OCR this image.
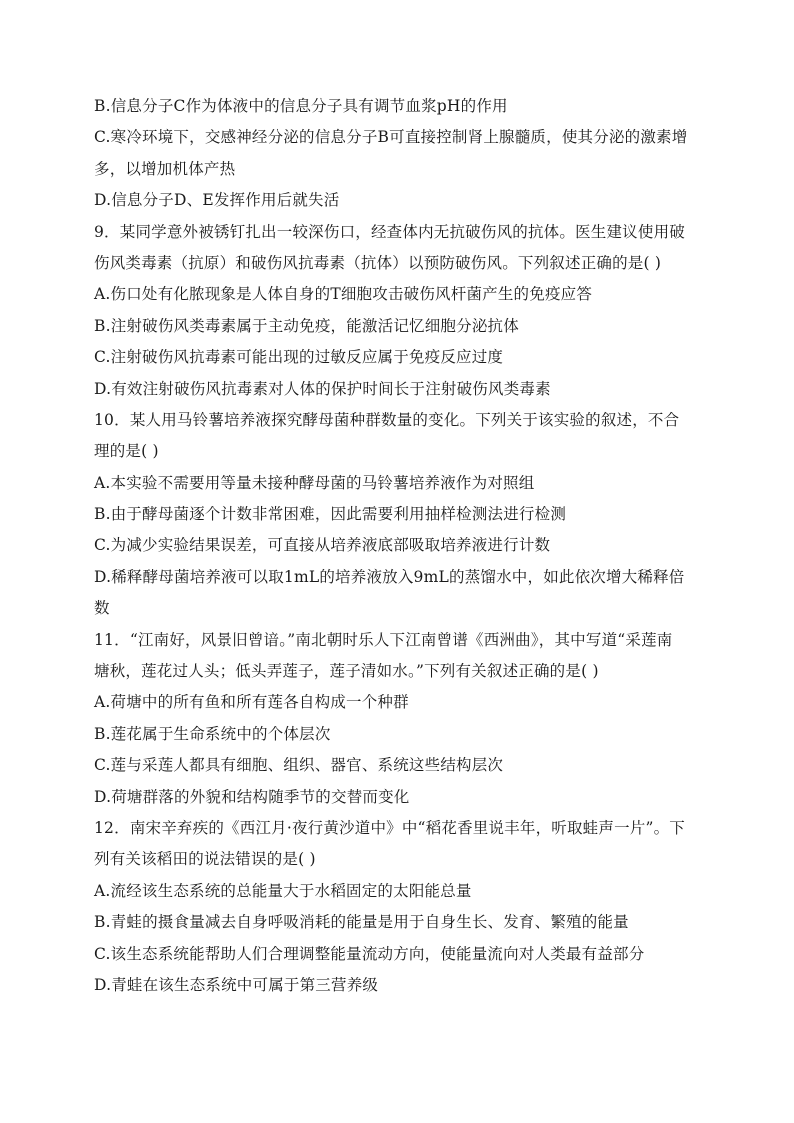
B.信息分子C作为体液中的信息分子具有调节血浆pH的作用
C.寒冷环境下，交感神经分泌的信息分子B可直接控制肾上腺髓质，使其分泌的激素增
多，以增加机体产热
D.信息分子D、E发挥作用后就失活
9．某同学意外被锈钉扎出一较深伤口，经查体内无抗破伤风的抗体。医生建议使用破
伤风类毒素（抗原）和破伤风抗毒素（抗体）以预防破伤风。下列叙述正确的是( )
A.伤口处有化脓现象是人体自身的T细胞攻击破伤风杆菌产生的免疫应答
B.注射破伤风类毒素属于主动免疫，能激活记忆细胞分泌抗体
C.注射破伤风抗毒素可能出现的过敏反应属于免疫反应过度
D.有效注射破伤风抗毒素对人体的保护时间长于注射破伤风类毒素
10．某人用马铃薯培养液探究酵母菌种群数量的变化。下列关于该实验的叙述，不合
理的是( )
A.本实验不需要用等量未接种酵母菌的马铃薯培养液作为对照组
B.由于酵母菌逐个计数非常困难，因此需要利用抽样检测法进行检测
C.为减少实验结果误差，可直接从培养液底部吸取培养液进行计数
D.稀释酵母菌培养液可以取1mL的培养液放入9mL的蒸馏水中，如此依次增大稀释倍
数
11．“江南好，风景旧曾谙。”南北朝时乐人下江南曾谱《西洲曲》，其中写道“采莲南
塘秋，莲花过人头；低头弄莲子，莲子清如水。”下列有关叙述正确的是( )
A.荷塘中的所有鱼和所有莲各自构成一个种群
B.莲花属于生命系统中的个体层次
C.莲与采莲人都具有细胞、组织、器官、系统这些结构层次
D.荷塘群落的外貌和结构随季节的交替而变化
12．南宋辛弃疾的《西江月·夜行黄沙道中》中“稻花香里说丰年，听取蛙声一片”。下
列有关该稻田的说法错误的是( )
A.流经该生态系统的总能量大于水稻固定的太阳能总量
B.青蛙的摄食量减去自身呼吸消耗的能量是用于自身生长、发育、繁殖的能量
C.该生态系统能帮助人们合理调整能量流动方向，使能量流向对人类最有益部分
D.青蛙在该生态系统中可属于第三营养级
